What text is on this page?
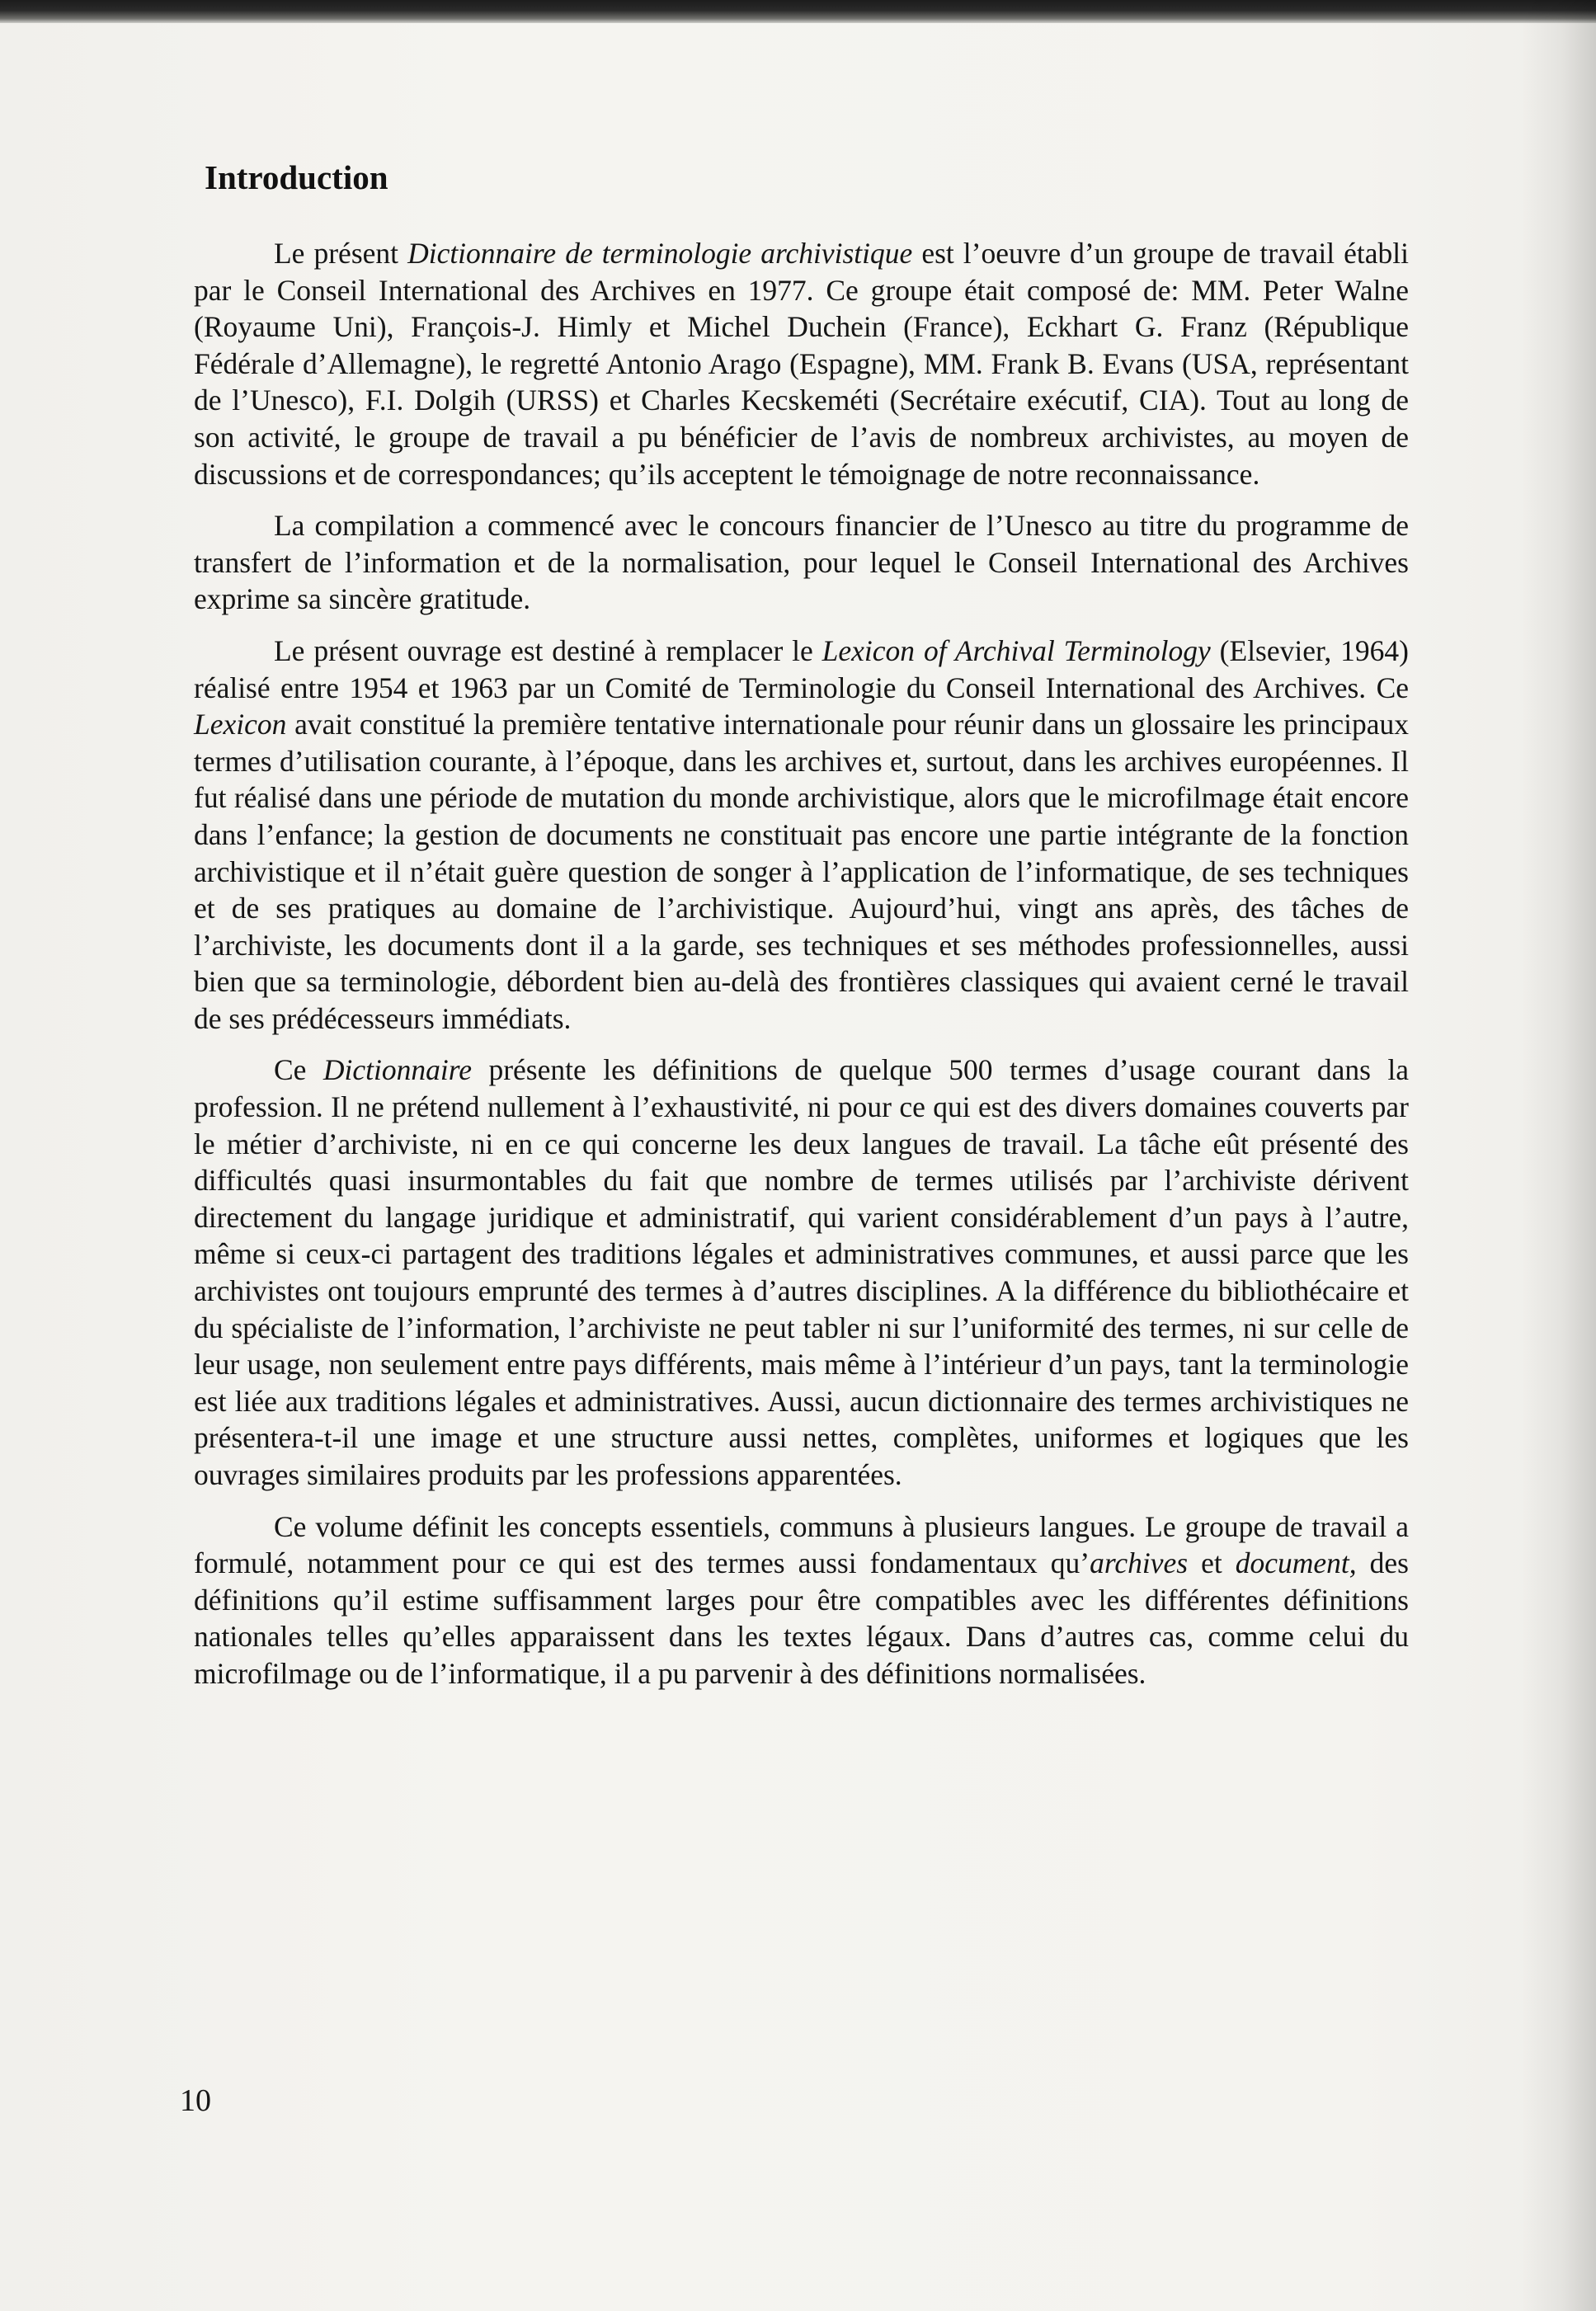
Introduction

Le présent Dictionnaire de terminologie archivistique est l’oeuvre d’un groupe de travail établi par le Conseil International des Archives en 1977. Ce groupe était composé de: MM. Peter Walne (Royaume Uni), François-J. Himly et Michel Duchein (France), Eckhart G. Franz (République Fédérale d’Allemagne), le regretté Antonio Arago (Espagne), MM. Frank B. Evans (USA, représentant de l’Unesco), F.I. Dolgih (URSS) et Charles Kecskeméti (Secrétaire exécutif, CIA). Tout au long de son activité, le groupe de travail a pu bénéficier de l’avis de nombreux archivistes, au moyen de discussions et de correspondances; qu’ils acceptent le témoignage de notre reconnaissance.

La compilation a commencé avec le concours financier de l’Unesco au titre du programme de transfert de l’information et de la normalisation, pour lequel le Conseil International des Archives exprime sa sincère gratitude.

Le présent ouvrage est destiné à remplacer le Lexicon of Archival Terminology (Elsevier, 1964) réalisé entre 1954 et 1963 par un Comité de Terminologie du Conseil International des Archives. Ce Lexicon avait constitué la première tentative internationale pour réunir dans un glossaire les principaux termes d’utilisation courante, à l’époque, dans les archives et, surtout, dans les archives européennes. Il fut réalisé dans une période de mutation du monde archivistique, alors que le microfilmage était encore dans l’enfance; la gestion de documents ne constituait pas encore une partie intégrante de la fonction archivistique et il n’était guère question de songer à l’application de l’informatique, de ses techniques et de ses pratiques au domaine de l’archivistique. Aujourd’hui, vingt ans après, des tâches de l’archiviste, les documents dont il a la garde, ses techniques et ses méthodes professionnelles, aussi bien que sa terminologie, débordent bien au-delà des frontières classiques qui avaient cerné le travail de ses prédécesseurs immédiats.

Ce Dictionnaire présente les définitions de quelque 500 termes d’usage courant dans la profession. Il ne prétend nullement à l’exhaustivité, ni pour ce qui est des divers domaines couverts par le métier d’archiviste, ni en ce qui concerne les deux langues de travail. La tâche eût présenté des difficultés quasi insurmontables du fait que nombre de termes utilisés par l’archiviste dérivent directement du langage juridique et administratif, qui varient considérablement d’un pays à l’autre, même si ceux-ci partagent des traditions légales et administratives communes, et aussi parce que les archivistes ont toujours emprunté des termes à d’autres disciplines. A la différence du bibliothécaire et du spécialiste de l’information, l’archiviste ne peut tabler ni sur l’uniformité des termes, ni sur celle de leur usage, non seulement entre pays différents, mais même à l’intérieur d’un pays, tant la terminologie est liée aux traditions légales et administratives. Aussi, aucun dictionnaire des termes archivistiques ne présentera-t-il une image et une structure aussi nettes, complètes, uniformes et logiques que les ouvrages similaires produits par les professions apparentées.

Ce volume définit les concepts essentiels, communs à plusieurs langues. Le groupe de travail a formulé, notamment pour ce qui est des termes aussi fondamentaux qu’archives et document, des définitions qu’il estime suffisamment larges pour être compatibles avec les différentes définitions nationales telles qu’elles apparaissent dans les textes légaux. Dans d’autres cas, comme celui du microfilmage ou de l’informatique, il a pu parvenir à des définitions normalisées.

10
